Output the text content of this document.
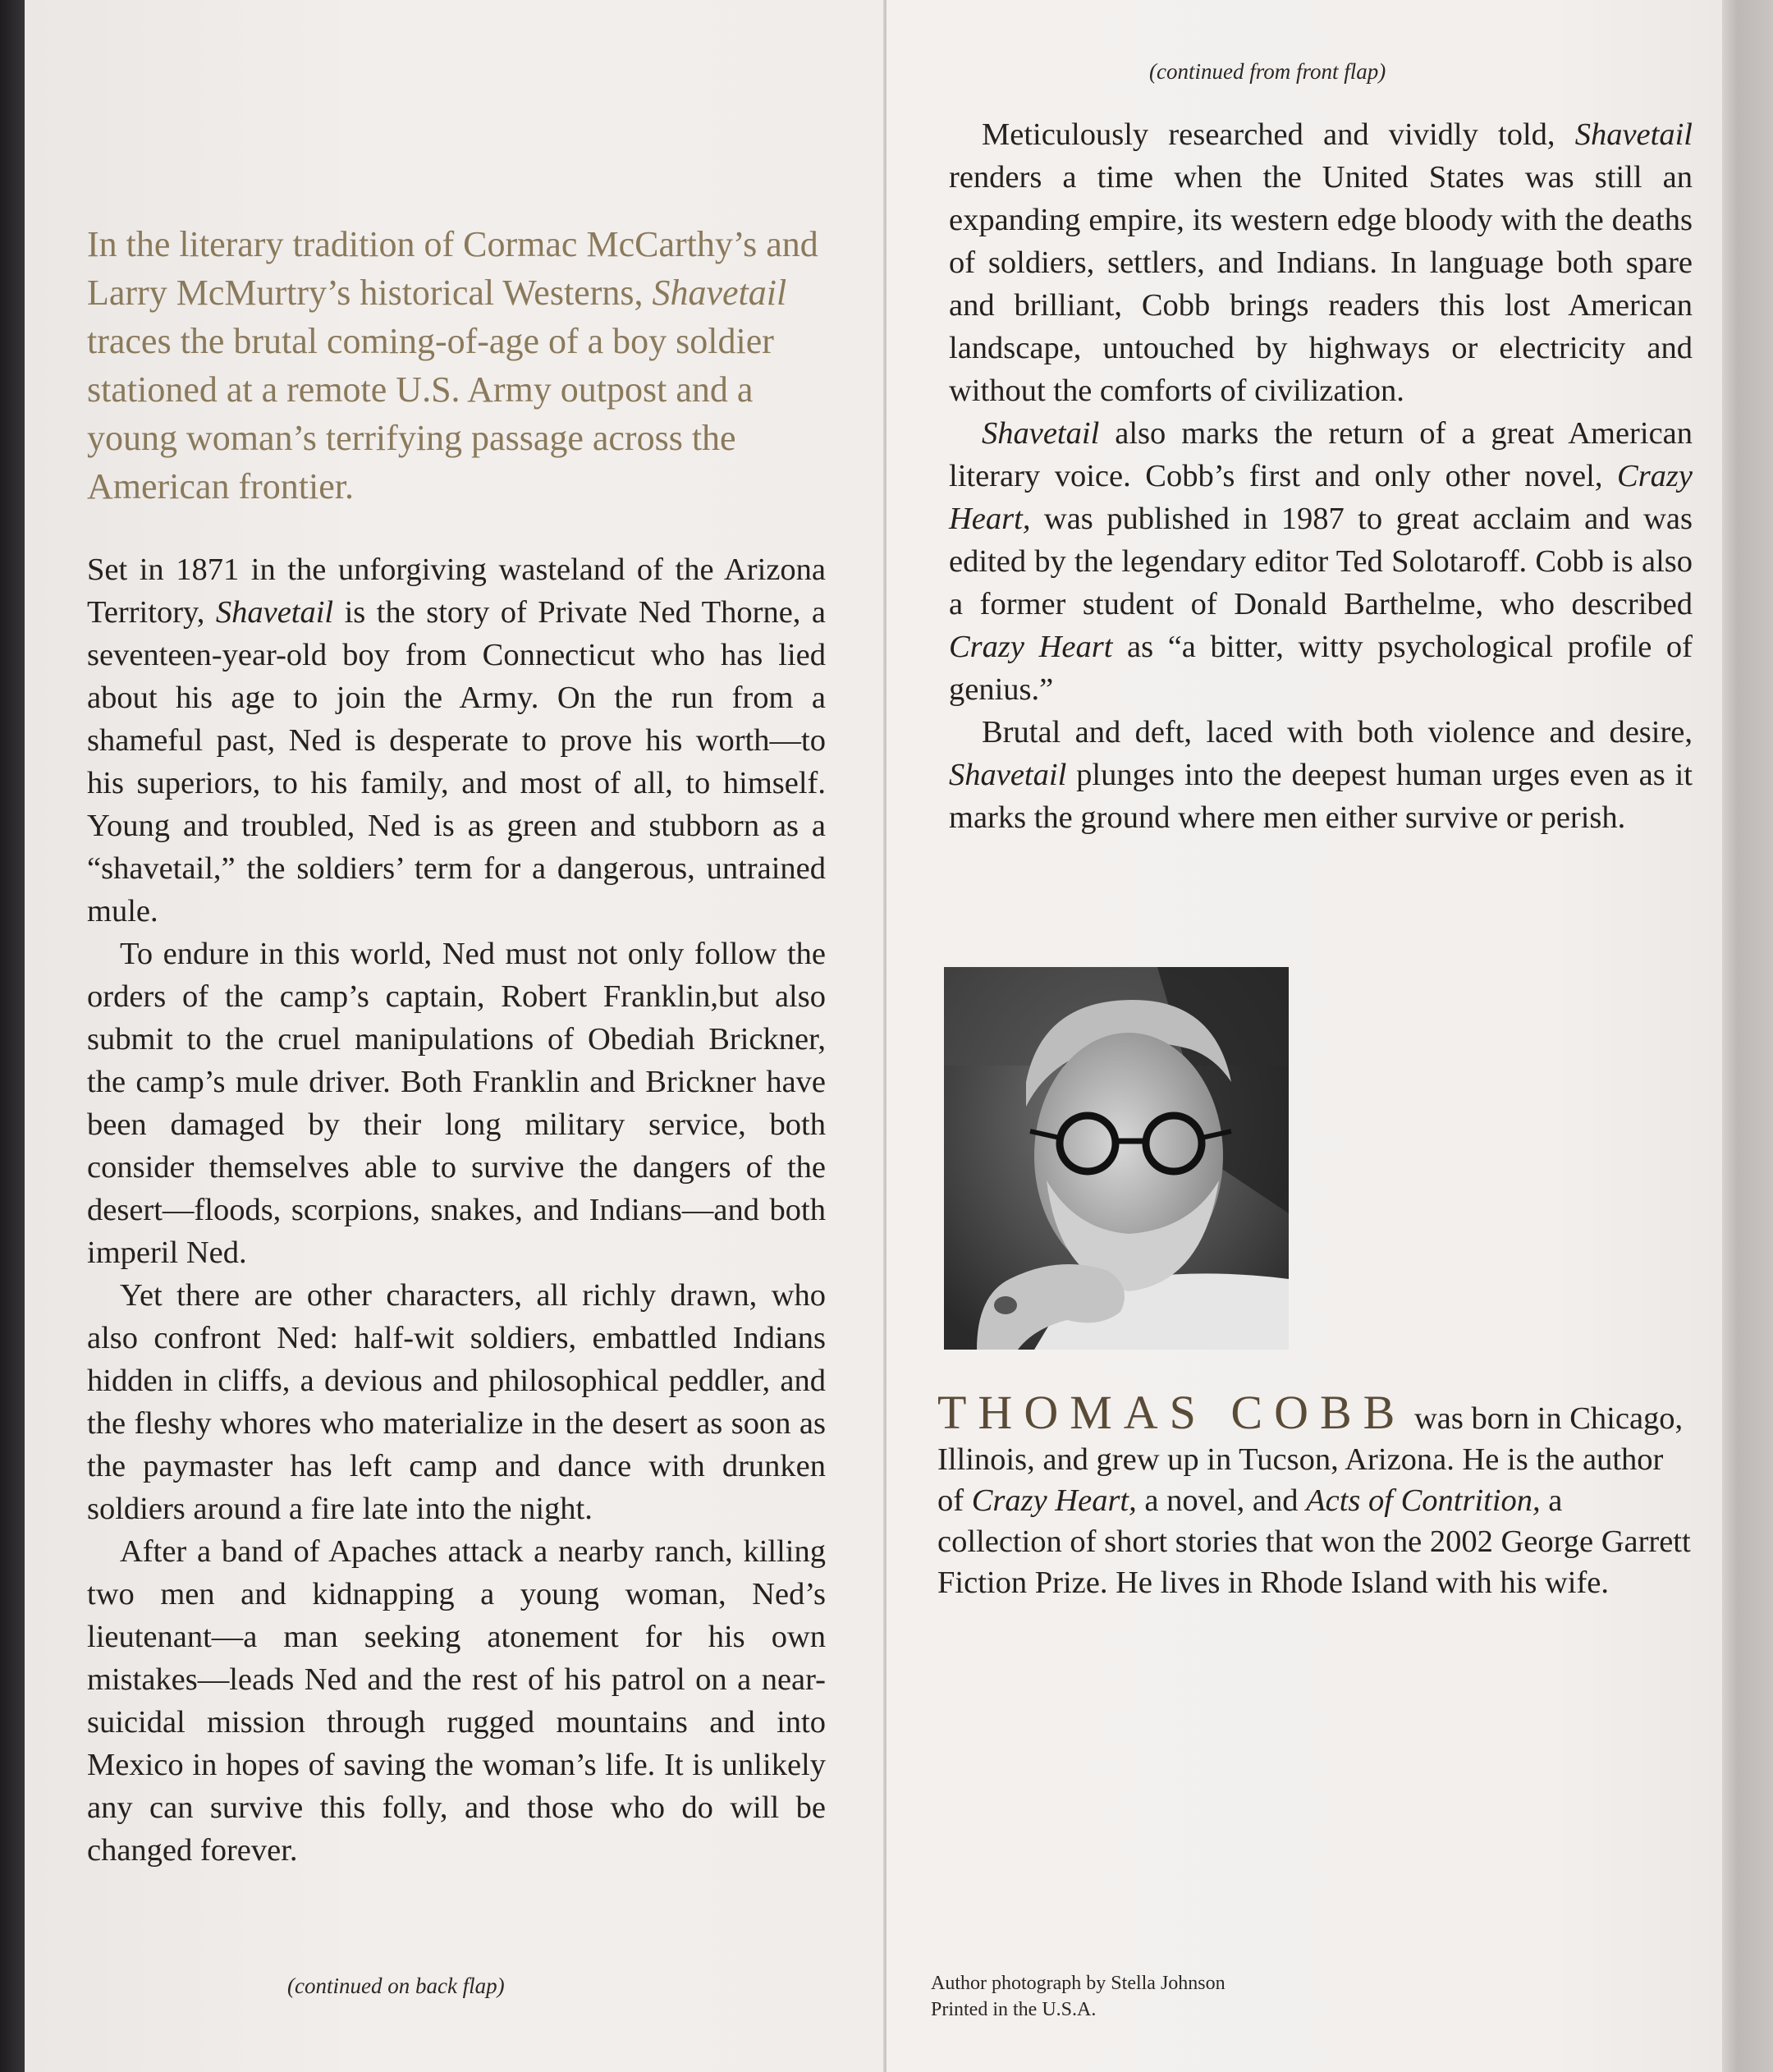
In the literary tradition of Cormac McCarthy’s and Larry McMurtry’s historical Westerns, Shavetail traces the brutal coming-of-age of a boy soldier stationed at a remote U.S. Army outpost and a young woman’s terrifying passage across the American frontier.

Set in 1871 in the unforgiving wasteland of the Arizona Territory, Shavetail is the story of Private Ned Thorne, a seventeen-year-old boy from Connecticut who has lied about his age to join the Army. On the run from a shameful past, Ned is desperate to prove his worth—to his superiors, to his family, and most of all, to himself. Young and troubled, Ned is as green and stubborn as a “shavetail,” the soldiers’ term for a dangerous, untrained mule.

To endure in this world, Ned must not only follow the orders of the camp’s captain, Robert Franklin,but also submit to the cruel manipulations of Obediah Brickner, the camp’s mule driver. Both Franklin and Brickner have been damaged by their long military service, both consider themselves able to survive the dangers of the desert—floods, scorpions, snakes, and Indians—and both imperil Ned.

Yet there are other characters, all richly drawn, who also confront Ned: half-wit soldiers, embattled Indians hidden in cliffs, a devious and philosophical peddler, and the fleshy whores who materialize in the desert as soon as the paymaster has left camp and dance with drunken soldiers around a fire late into the night.

After a band of Apaches attack a nearby ranch, killing two men and kidnapping a young woman, Ned’s lieutenant—a man seeking atonement for his own mistakes—leads Ned and the rest of his patrol on a near-suicidal mission through rugged mountains and into Mexico in hopes of saving the woman’s life. It is unlikely any can survive this folly, and those who do will be changed forever.

(continued on back flap)

(continued from front flap)

Meticulously researched and vividly told, Shavetail renders a time when the United States was still an expanding empire, its western edge bloody with the deaths of soldiers, settlers, and Indians. In language both spare and brilliant, Cobb brings readers this lost American landscape, untouched by highways or electricity and without the comforts of civilization.

Shavetail also marks the return of a great American literary voice. Cobb’s first and only other novel, Crazy Heart, was published in 1987 to great acclaim and was edited by the legendary editor Ted Solotaroff. Cobb is also a former student of Donald Barthelme, who described Crazy Heart as “a bitter, witty psychological profile of genius.”

Brutal and deft, laced with both violence and desire, Shavetail plunges into the deepest human urges even as it marks the ground where men either survive or perish.

THOMAS COBB was born in Chicago, Illinois, and grew up in Tucson, Arizona. He is the author of Crazy Heart, a novel, and Acts of Contrition, a collection of short stories that won the 2002 George Garrett Fiction Prize. He lives in Rhode Island with his wife.

Author photograph by Stella Johnson
Printed in the U.S.A.
